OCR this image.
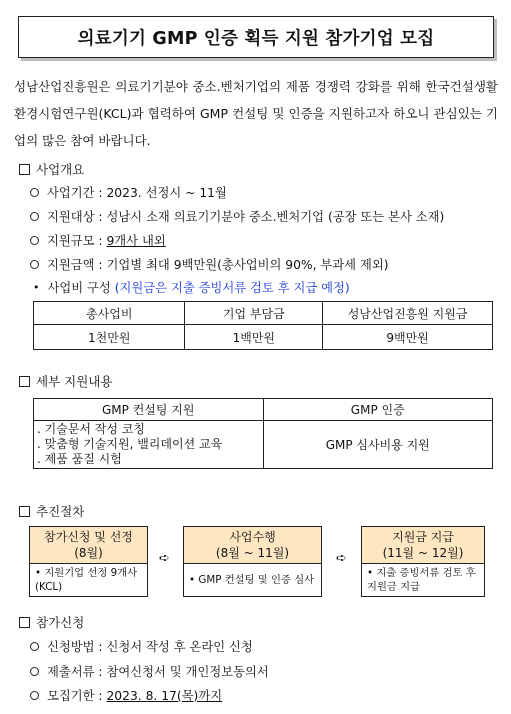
의료기기 GMP 인증 획득 지원 참가기업 모집
성남산업진흥원은 의료기기분야 중소.벤처기업의 제품 경쟁력 강화를 위해 한국건설생활환경시험연구원(KCL)과 협력하여 GMP 컨설팅 및 인증을 지원하고자 하오니 관심있는 기업의 많은 참여 바랍니다.
사업개요
사업기간 : 2023. 선정시 ~ 11월
지원대상 : 성남시 소재 의료기기분야 중소.벤처기업 (공장 또는 본사 소재)
지원규모 : 9개사 내외
지원금액 : 기업별 최대 9백만원(총사업비의 90%, 부과세 제외)
• 사업비 구성 (지원금은 지출 증빙서류 검토 후 지급 예정)
총사업비	기업 부담금	성남산업진흥원 지원금
1천만원	1백만원	9백만원
세부 지원내용
GMP 컨설팅 지원	GMP 인증

. 기술문서 작성 코칭
. 맞춤형 기술지원, 밸리데이션 교육
. 제품 품질 시험	GMP 심사비용 지원
추진절차
참가신청 및 선정
(8월)
• 지원기업 선정 9개사 (KCL)
➪
사업수행
(8월 ~ 11월)
• GMP 컨설팅 및 인증 심사
➪
지원금 지급
(11월 ~ 12월)
• 지출 증빙서류 검토 후 지원금 지급
참가신청
신청방법 : 신청서 작성 후 온라인 신청
제출서류 : 참여신청서 및 개인정보동의서
모집기한 : 2023. 8. 17(목)까지
